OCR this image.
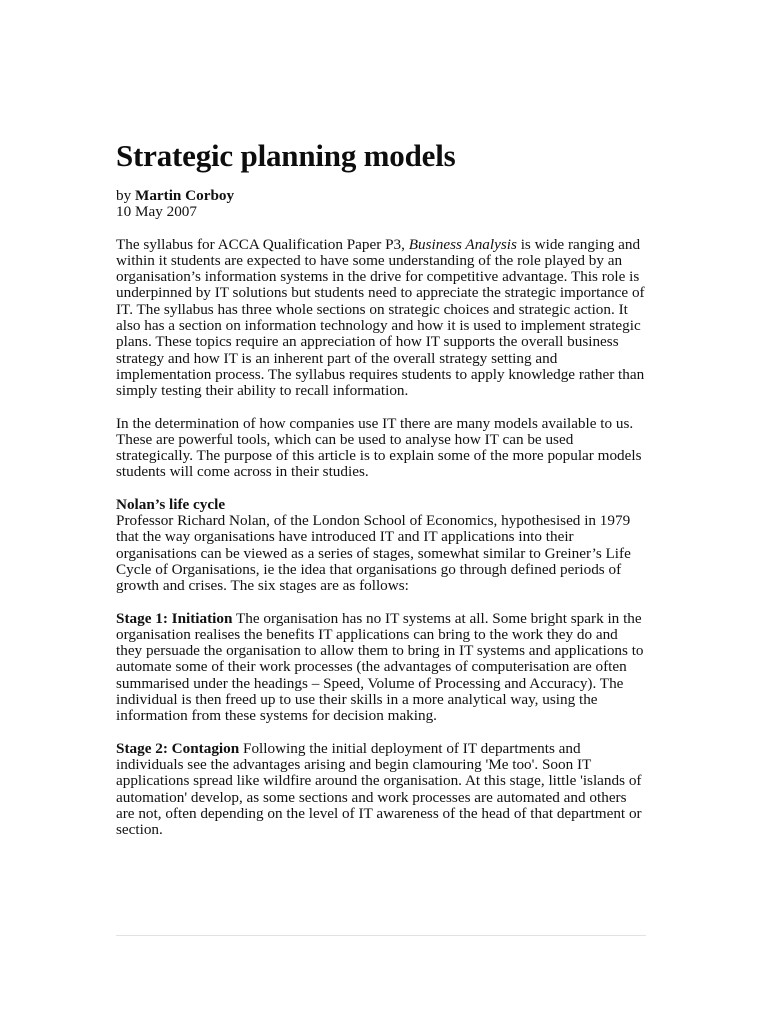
Strategic planning models
by Martin Corboy
10 May 2007

The syllabus for ACCA Qualification Paper P3, Business Analysis is wide ranging and within it students are expected to have some understanding of the role played by an organisation’s information systems in the drive for competitive advantage. This role is underpinned by IT solutions but students need to appreciate the strategic importance of IT. The syllabus has three whole sections on strategic choices and strategic action. It also has a section on information technology and how it is used to implement strategic plans. These topics require an appreciation of how IT supports the overall business strategy and how IT is an inherent part of the overall strategy setting and implementation process. The syllabus requires students to apply knowledge rather than simply testing their ability to recall information.

In the determination of how companies use IT there are many models available to us. These are powerful tools, which can be used to analyse how IT can be used strategically. The purpose of this article is to explain some of the more popular models students will come across in their studies.

Nolan’s life cycle

Professor Richard Nolan, of the London School of Economics, hypothesised in 1979 that the way organisations have introduced IT and IT applications into their organisations can be viewed as a series of stages, somewhat similar to Greiner’s Life Cycle of Organisations, ie the idea that organisations go through defined periods of growth and crises. The six stages are as follows:

Stage 1: Initiation The organisation has no IT systems at all. Some bright spark in the organisation realises the benefits IT applications can bring to the work they do and they persuade the organisation to allow them to bring in IT systems and applications to automate some of their work processes (the advantages of computerisation are often summarised under the headings – Speed, Volume of Processing and Accuracy). The individual is then freed up to use their skills in a more analytical way, using the information from these systems for decision making.

Stage 2: Contagion Following the initial deployment of IT departments and individuals see the advantages arising and begin clamouring 'Me too'. Soon IT applications spread like wildfire around the organisation. At this stage, little 'islands of automation' develop, as some sections and work processes are automated and others are not, often depending on the level of IT awareness of the head of that department or section.
